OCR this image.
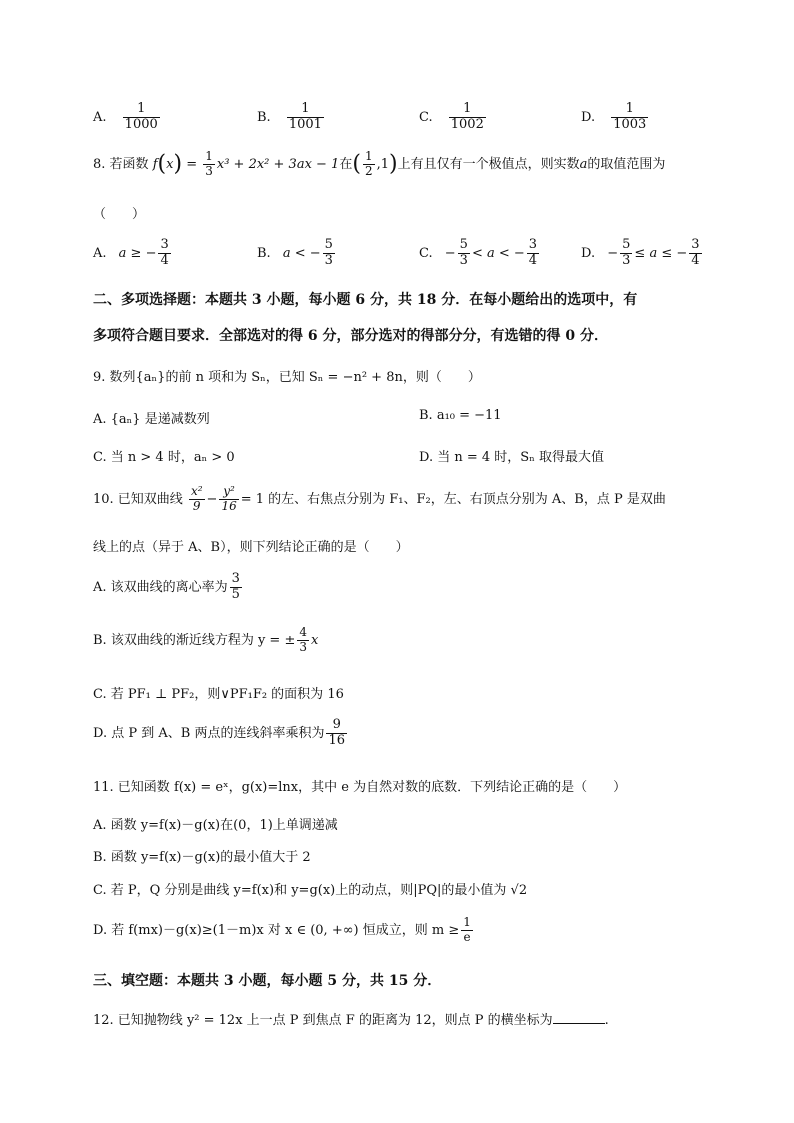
A. $\frac{1}{1000}$	B. $\frac{1}{1001}$	C. $\frac{1}{1002}$	D. $\frac{1}{1003}$
8. 若函数 $f(x) = \frac{1}{3} x^3 + 2x^2 + 3ax - 1$在( $\frac{1}{2} ,1$)上有且仅有一个极值点，则实数a的取值范围为
（　　）
A. a ≥ − $\frac{3}{4}$	B. a < − $\frac{5}{3}$	C. − $\frac{5}{3} < a$ < − $\frac{3}{4}$	D. − $\frac{5}{3} \le a$ ≤ − $\frac{3}{4}$
二、多项选择题：本题共 3 小题，每小题 6 分，共 18 分．在每小题给出的选项中，有
多项符合题目要求．全部选对的得 6 分，部分选对的得部分分，有选错的得 0 分．
9. 数列{aₙ}的前 n 项和为 Sₙ，已知 Sₙ = −n² + 8n，则（　　）
A. {aₙ} 是递减数列	B. a₁₀ = −11
C. 当 n > 4 时，aₙ > 0	D. 当 n = 4 时，Sₙ 取得最大值
10. 已知双曲线 $\frac{\text{x²}}{9} - \frac{\text{y²}}{16} = 1$ 的左、右焦点分别为 F₁、F₂，左、右顶点分别为 A、B，点 P 是双曲
线上的点（异于 A、B），则下列结论正确的是（　　）
A. 该双曲线的离心率为 $\frac{3}{5}$
B. 该双曲线的渐近线方程为 y = ± $\frac{4}{3}$ x
C. 若 PF₁ ⊥ PF₂，则∨PF₁F₂ 的面积为 16
D. 点 P 到 A、B 两点的连线斜率乘积为 $\frac{9}{16}$
11. 已知函数 f(x) = eˣ，g(x)=lnx，其中 e 为自然对数的底数．下列结论正确的是（　　）
A. 函数 y=f(x)－g(x)在(0，1)上单调递减
B. 函数 y=f(x)－g(x)的最小值大于 2
C. 若 P，Q 分别是曲线 y=f(x)和 y=g(x)上的动点，则|PQ|的最小值为 √2
D. 若 f(mx)－g(x)≥(1－m)x 对 x ∈ (0, +∞) 恒成立，则 $m \ge \frac{1}{e}$
三、填空题：本题共 3 小题，每小题 5 分，共 15 分．
12. 已知抛物线 y² = 12x 上一点 P 到焦点 F 的距离为 12，则点 P 的横坐标为	.
